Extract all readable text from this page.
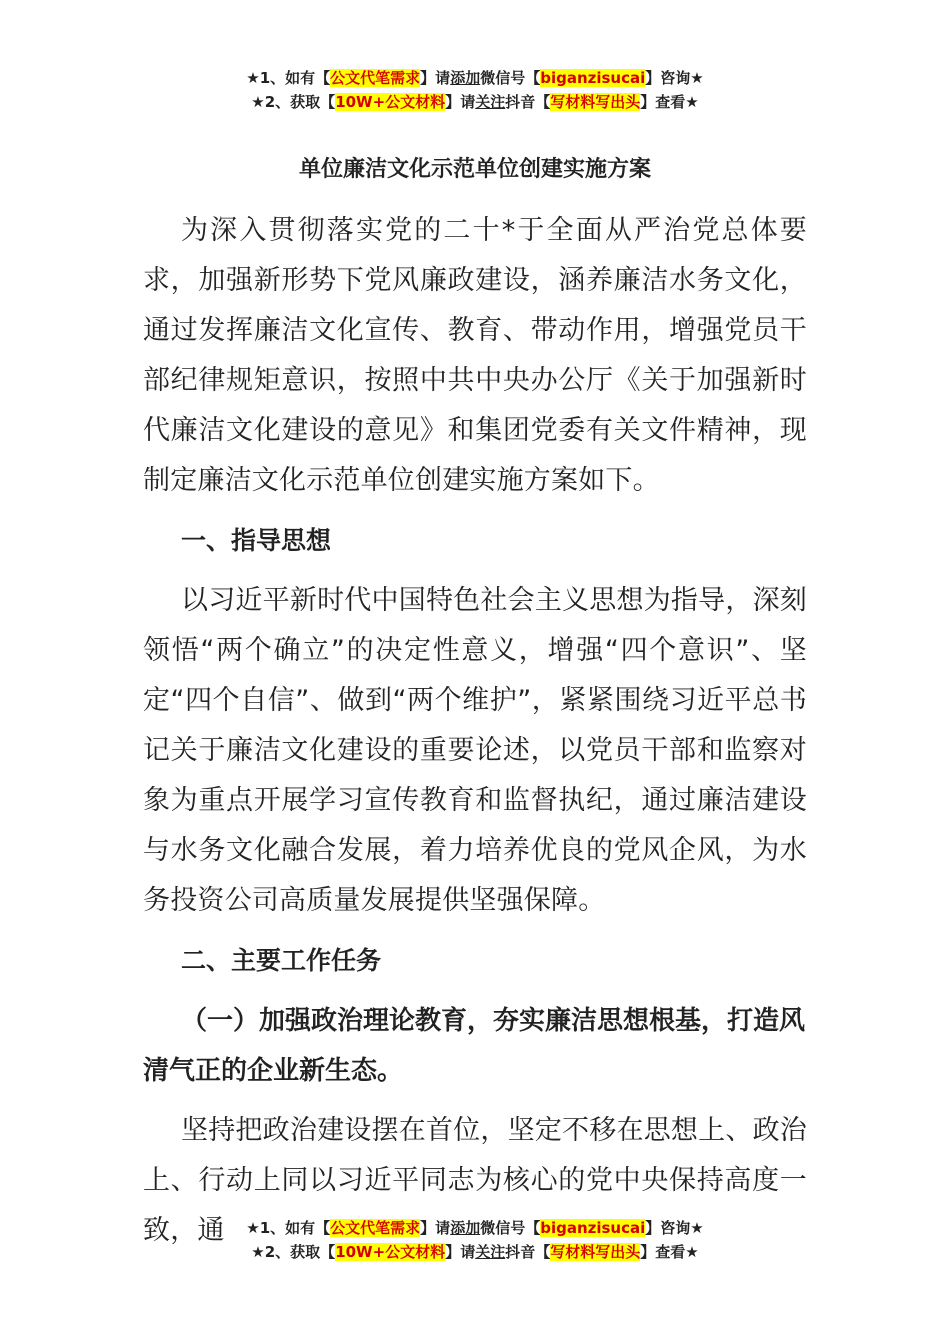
★1、如有【公文代笔需求】请添加微信号【biganzisucai】咨询★
★2、获取【10W+公文材料】请关注抖音【写材料写出头】查看★
单位廉洁文化示范单位创建实施方案

为深入贯彻落实党的二十*于全面从严治党总体要求，加强新形势下党风廉政建设，涵养廉洁水务文化，通过发挥廉洁文化宣传、教育、带动作用，增强党员干部纪律规矩意识，按照中共中央办公厅《关于加强新时代廉洁文化建设的意见》和集团党委有关文件精神，现制定廉洁文化示范单位创建实施方案如下。

一、指导思想

以习近平新时代中国特色社会主义思想为指导，深刻领悟“两个确立”的决定性意义，增强“四个意识”、坚定“四个自信”、做到“两个维护”，紧紧围绕习近平总书记关于廉洁文化建设的重要论述，以党员干部和监察对象为重点开展学习宣传教育和监督执纪，通过廉洁建设与水务文化融合发展，着力培养优良的党风企风，为水务投资公司高质量发展提供坚强保障。

二、主要工作任务
（一）加强政治理论教育，夯实廉洁思想根基，打造风清气正的企业新生态。

坚持把政治建设摆在首位，坚定不移在思想上、政治上、行动上同以习近平同志为核心的党中央保持高度一致，通	★1、如有【公文代笔需求】请添加微信号【biganzisucai】咨询★
★2、获取【10W+公文材料】请关注抖音【写材料写出头】查看★
